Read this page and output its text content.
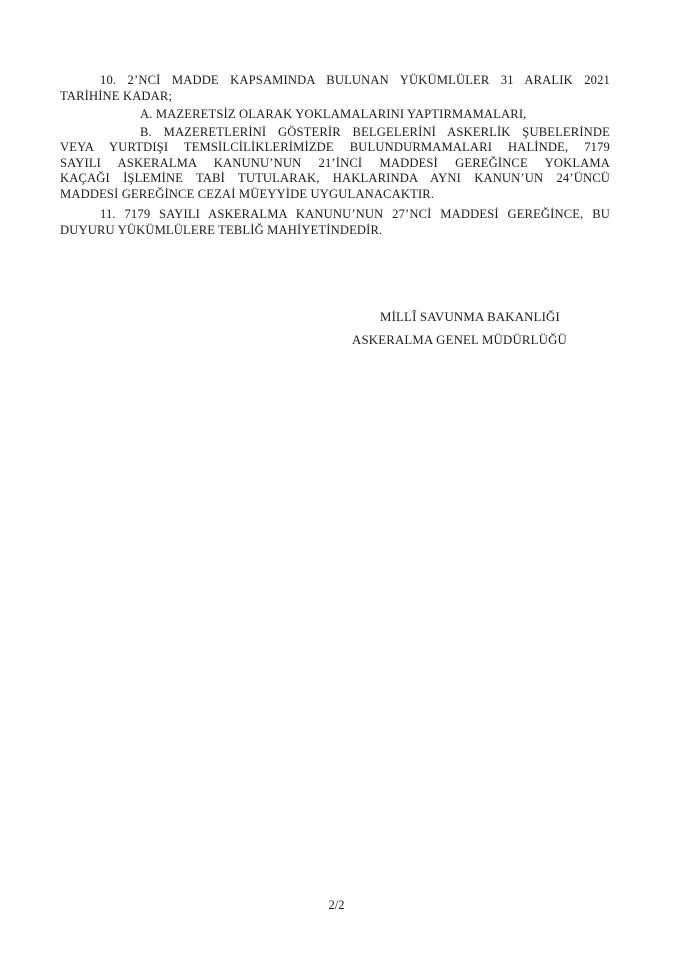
10. 2’NCİ MADDE KAPSAMINDA BULUNAN YÜKÜMLÜLER 31 ARALIK 2021
TARİHİNE KADAR;
A. MAZERETSİZ OLARAK YOKLAMALARINI YAPTIRMAMALARI,
B. MAZERETLERİNİ GÖSTERİR BELGELERİNİ ASKERLİK ŞUBELERİNDE
VEYA YURTDIŞI TEMSİLCİLİKLERİMİZDE BULUNDURMAMALARI HALİNDE, 7179
SAYILI ASKERALMA KANUNU’NUN 21’İNCİ MADDESİ GEREĞİNCE YOKLAMA
KAÇAĞI İŞLEMİNE TABİ TUTULARAK, HAKLARINDA AYNI KANUN’UN 24’ÜNCÜ
MADDESİ GEREĞİNCE CEZAİ MÜEYYİDE UYGULANACAKTIR.
11. 7179 SAYILI ASKERALMA KANUNU’NUN 27’NCİ MADDESİ GEREĞİNCE, BU
DUYURU YÜKÜMLÜLERE TEBLİĞ MAHİYETİNDEDİR.
MİLLÎ SAVUNMA BAKANLIĞI
ASKERALMA GENEL MÜDÜRLÜĞÜ
2/2
